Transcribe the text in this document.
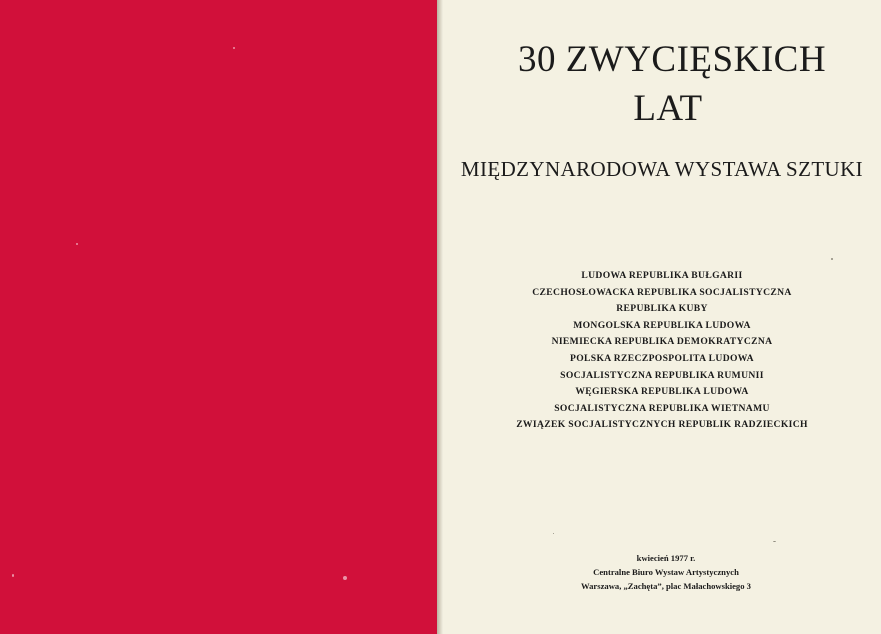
30 ZWYCIĘSKICH
LAT
MIĘDZYNARODOWA WYSTAWA SZTUKI
LUDOWA REPUBLIKA BUŁGARII
CZECHOSŁOWACKA REPUBLIKA SOCJALISTYCZNA
REPUBLIKA KUBY
MONGOLSKA REPUBLIKA LUDOWA
NIEMIECKA REPUBLIKA DEMOKRATYCZNA
POLSKA RZECZPOSPOLITA LUDOWA
SOCJALISTYCZNA REPUBLIKA RUMUNII
WĘGIERSKA REPUBLIKA LUDOWA
SOCJALISTYCZNA REPUBLIKA WIETNAMU
ZWIĄZEK SOCJALISTYCZNYCH REPUBLIK RADZIECKICH
kwiecień 1977 r.
Centralne Biuro Wystaw Artystycznych
Warszawa, „Zachęta”, plac Małachowskiego 3
